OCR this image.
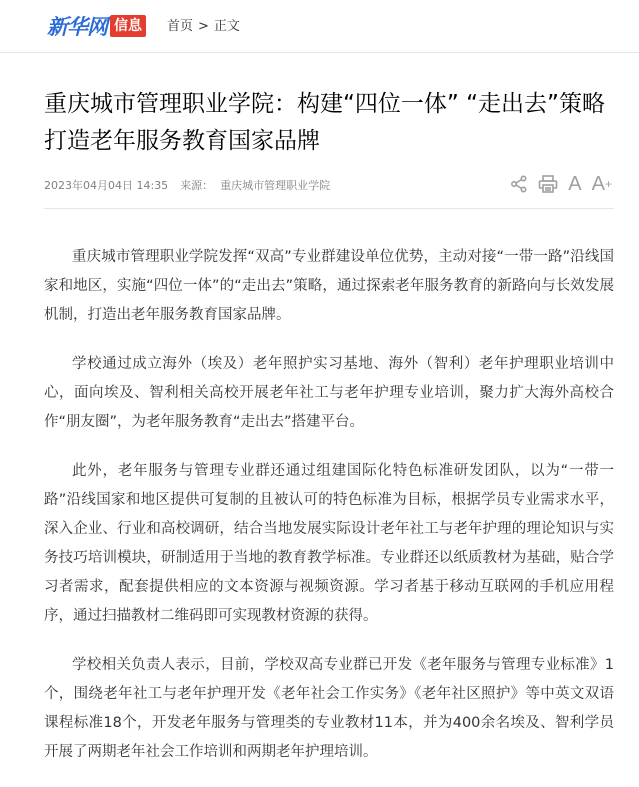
新华网 信息	首页 > 正文
重庆城市管理职业学院：构建“四位一体” “走出去”策略 打造老年服务教育国家品牌
2023年04月04日 14:35 来源： 重庆城市管理职业学院	A A +

重庆城市管理职业学院发挥“双高”专业群建设单位优势，主动对接“一带一路”沿线国家和地区，实施“四位一体”的“走出去”策略，通过探索老年服务教育的新路向与长效发展机制，打造出老年服务教育国家品牌。

学校通过成立海外（埃及）老年照护实习基地、海外（智利）老年护理职业培训中心，面向埃及、智利相关高校开展老年社工与老年护理专业培训，聚力扩大海外高校合作“朋友圈”，为老年服务教育“走出去”搭建平台。

此外，老年服务与管理专业群还通过组建国际化特色标准研发团队，以为“一带一路”沿线国家和地区提供可复制的且被认可的特色标准为目标，根据学员专业需求水平，深入企业、行业和高校调研，结合当地发展实际设计老年社工与老年护理的理论知识与实务技巧培训模块，研制适用于当地的教育教学标准。专业群还以纸质教材为基础，贴合学习者需求，配套提供相应的文本资源与视频资源。学习者基于移动互联网的手机应用程序，通过扫描教材二维码即可实现教材资源的获得。

学校相关负责人表示，目前，学校双高专业群已开发《老年服务与管理专业标准》1个，围绕老年社工与老年护理开发《老年社会工作实务》《老年社区照护》等中英文双语课程标准18个，开发老年服务与管理类的专业教材11本，并为400余名埃及、智利学员开展了两期老年社会工作培训和两期老年护理培训。
